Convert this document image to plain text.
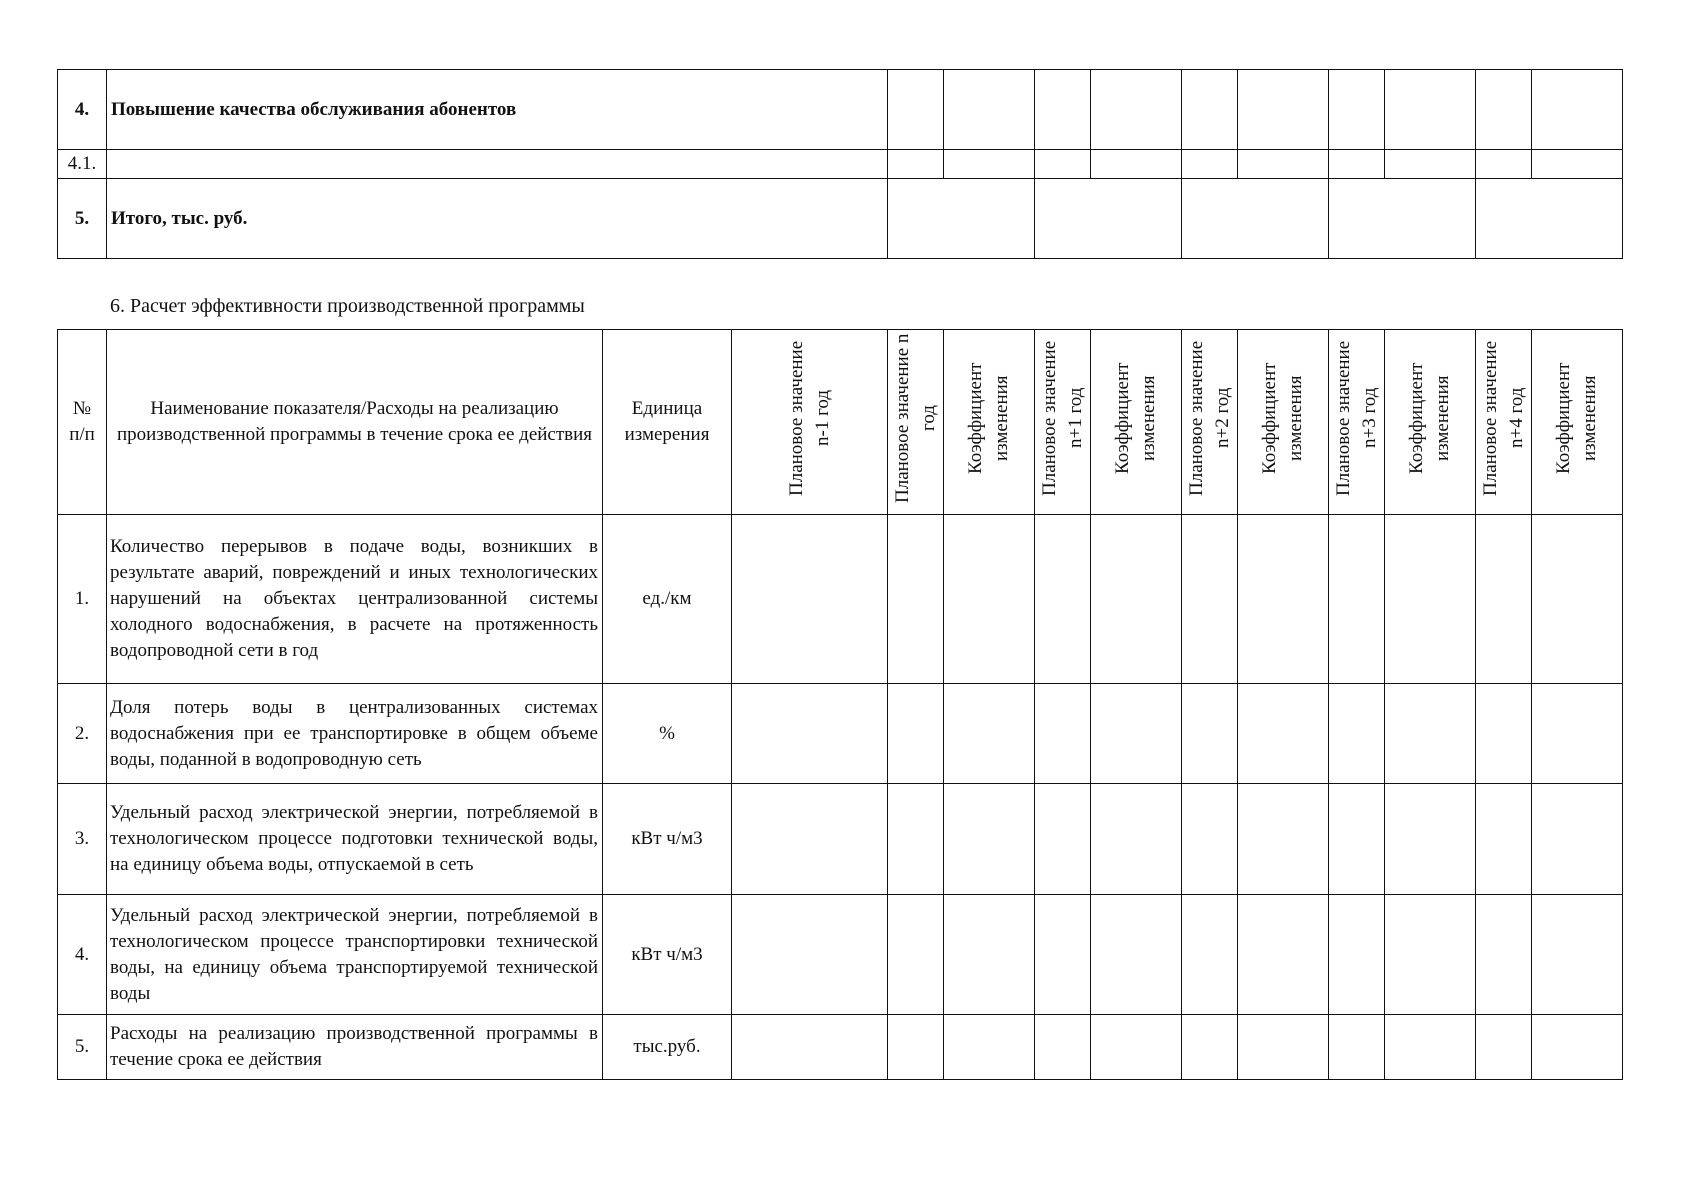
4.	Повышение качества обслуживания абонентов										
4.1.											
5.	Итого, тыс. руб.										
6. Расчет эффективности производственной программы
№ п/п	Наименование показателя/Расходы на реализацию производственной программы в течение срока ее действия	Единица измерения	Плановое значение n-1 год	Плановое значение n год	Коэффициент изменения	Плановое значение n+1 год	Коэффициент изменения	Плановое значение n+2 год	Коэффициент изменения	Плановое значение n+3 год	Коэффициент изменения	Плановое значение n+4 год	Коэффициент изменения
1.	Количество перерывов в подаче воды, возникших в результате аварий, повреждений и иных технологических нарушений на объектах централизованной системы холодного водоснабжения, в расчете на протяженность водопроводной сети в год	ед./км											
2.	Доля потерь воды в централизованных системах водоснабжения при ее транспортировке в общем объеме воды, поданной в водопроводную сеть	%											
3.	Удельный расход электрической энергии, потребляемой в технологическом процессе подготовки технической воды, на единицу объема воды, отпускаемой в сеть	кВт ч/м3											
4.	Удельный расход электрической энергии, потребляемой в технологическом процессе транспортировки технической воды, на единицу объема транспортируемой технической воды	кВт ч/м3											
5.	Расходы на реализацию производственной программы в течение срока ее действия	тыс.руб.											
